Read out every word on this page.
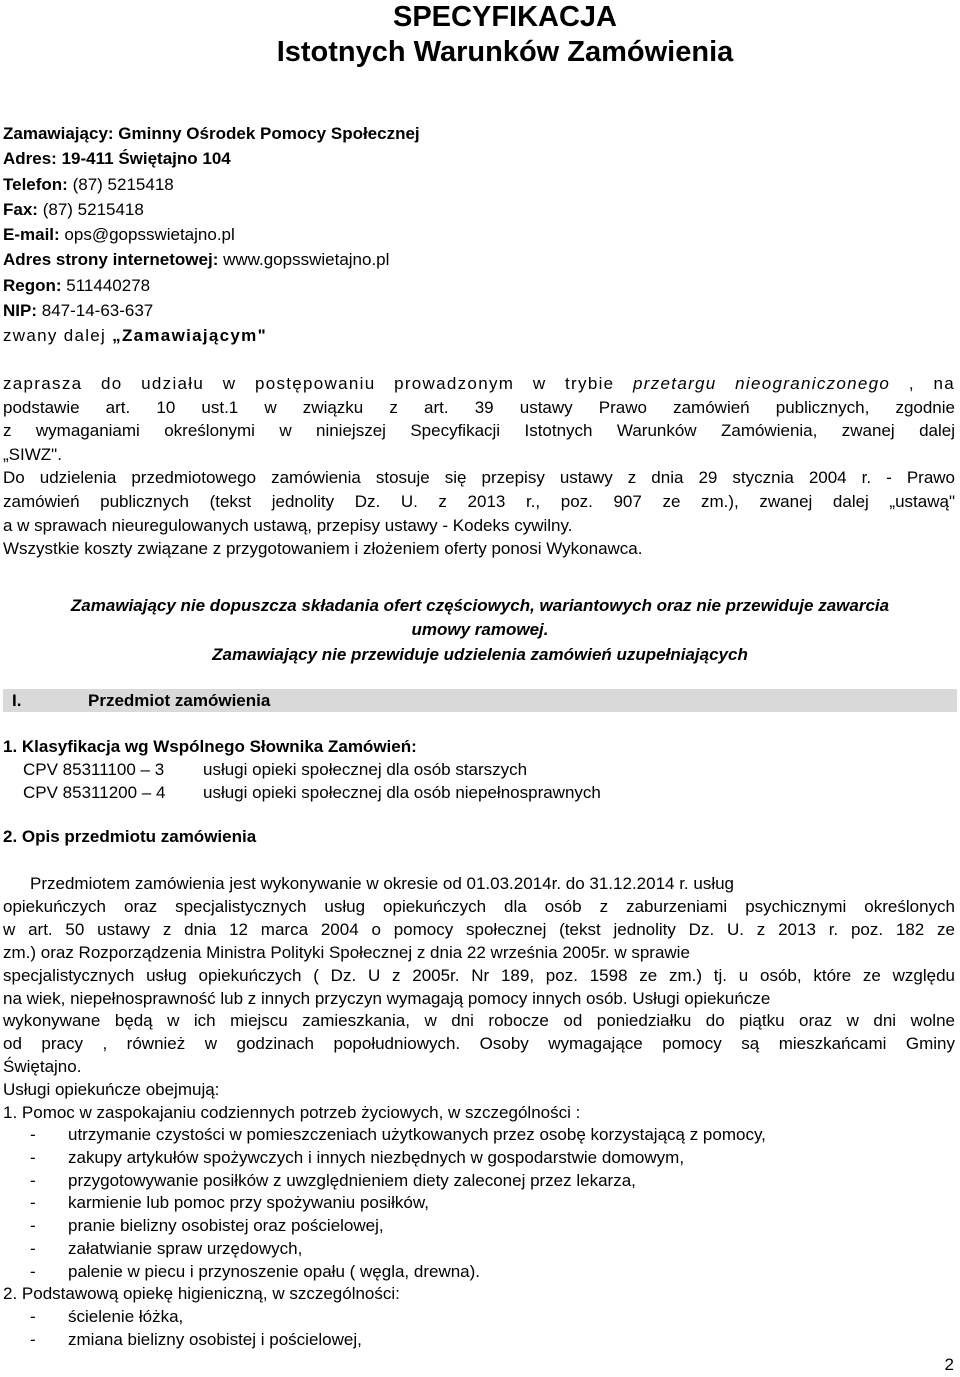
SPECYFIKACJA
Istotnych Warunków Zamówienia
Zamawiający: Gminny Ośrodek Pomocy Społecznej
Adres: 19-411 Świętajno 104
Telefon: (87) 5215418
Fax: (87) 5215418
E-mail: ops@gopsswietajno.pl
Adres strony internetowej: www.gopsswietajno.pl
Regon: 511440278
NIP: 847-14-63-637
zwany dalej „Zamawiającym"
zaprasza do udziału w postępowaniu prowadzonym w trybie przetargu nieograniczonego , na
podstawie art. 10 ust.1 w związku z art. 39 ustawy Prawo zamówień publicznych, zgodnie
z wymaganiami określonymi w niniejszej Specyfikacji Istotnych Warunków Zamówienia, zwanej dalej
„SIWZ".
Do udzielenia przedmiotowego zamówienia stosuje się przepisy ustawy z dnia 29 stycznia 2004 r. - Prawo
zamówień publicznych (tekst jednolity Dz. U. z 2013 r., poz. 907 ze zm.), zwanej dalej „ustawą"
a w sprawach nieuregulowanych ustawą, przepisy ustawy - Kodeks cywilny.
Wszystkie koszty związane z przygotowaniem i złożeniem oferty ponosi Wykonawca.
Zamawiający nie dopuszcza składania ofert częściowych, wariantowych oraz nie przewiduje zawarcia
umowy ramowej.
Zamawiający nie przewiduje udzielenia zamówień uzupełniających
I.	Przedmiot zamówienia
1. Klasyfikacja wg Wspólnego Słownika Zamówień:
CPV 85311100 – 3 usługi opieki społecznej dla osób starszych
CPV 85311200 – 4 usługi opieki społecznej dla osób niepełnosprawnych
2. Opis przedmiotu zamówienia
Przedmiotem zamówienia jest wykonywanie w okresie od 01.03.2014r. do 31.12.2014 r. usług
opiekuńczych oraz specjalistycznych usług opiekuńczych dla osób z zaburzeniami psychicznymi określonych
w art. 50 ustawy z dnia 12 marca 2004 o pomocy społecznej (tekst jednolity Dz. U. z 2013 r. poz. 182 ze
zm.) oraz Rozporządzenia Ministra Polityki Społecznej z dnia 22 września 2005r. w sprawie
specjalistycznych usług opiekuńczych ( Dz. U z 2005r. Nr 189, poz. 1598 ze zm.) tj. u osób, które ze względu
na wiek, niepełnosprawność lub z innych przyczyn wymagają pomocy innych osób. Usługi opiekuńcze
wykonywane będą w ich miejscu zamieszkania, w dni robocze od poniedziałku do piątku oraz w dni wolne
od pracy , również w godzinach popołudniowych. Osoby wymagające pomocy są mieszkańcami Gminy
Świętajno.
Usługi opiekuńcze obejmują:
1. Pomoc w zaspokajaniu codziennych potrzeb życiowych, w szczególności :
- utrzymanie czystości w pomieszczeniach użytkowanych przez osobę korzystającą z pomocy,
- zakupy artykułów spożywczych i innych niezbędnych w gospodarstwie domowym,
- przygotowywanie posiłków z uwzględnieniem diety zaleconej przez lekarza,
- karmienie lub pomoc przy spożywaniu posiłków,
- pranie bielizny osobistej oraz pościelowej,
- załatwianie spraw urzędowych,
- palenie w piecu i przynoszenie opału ( węgla, drewna).
2. Podstawową opiekę higieniczną, w szczególności:
- ścielenie łóżka,
- zmiana bielizny osobistej i pościelowej,
2
